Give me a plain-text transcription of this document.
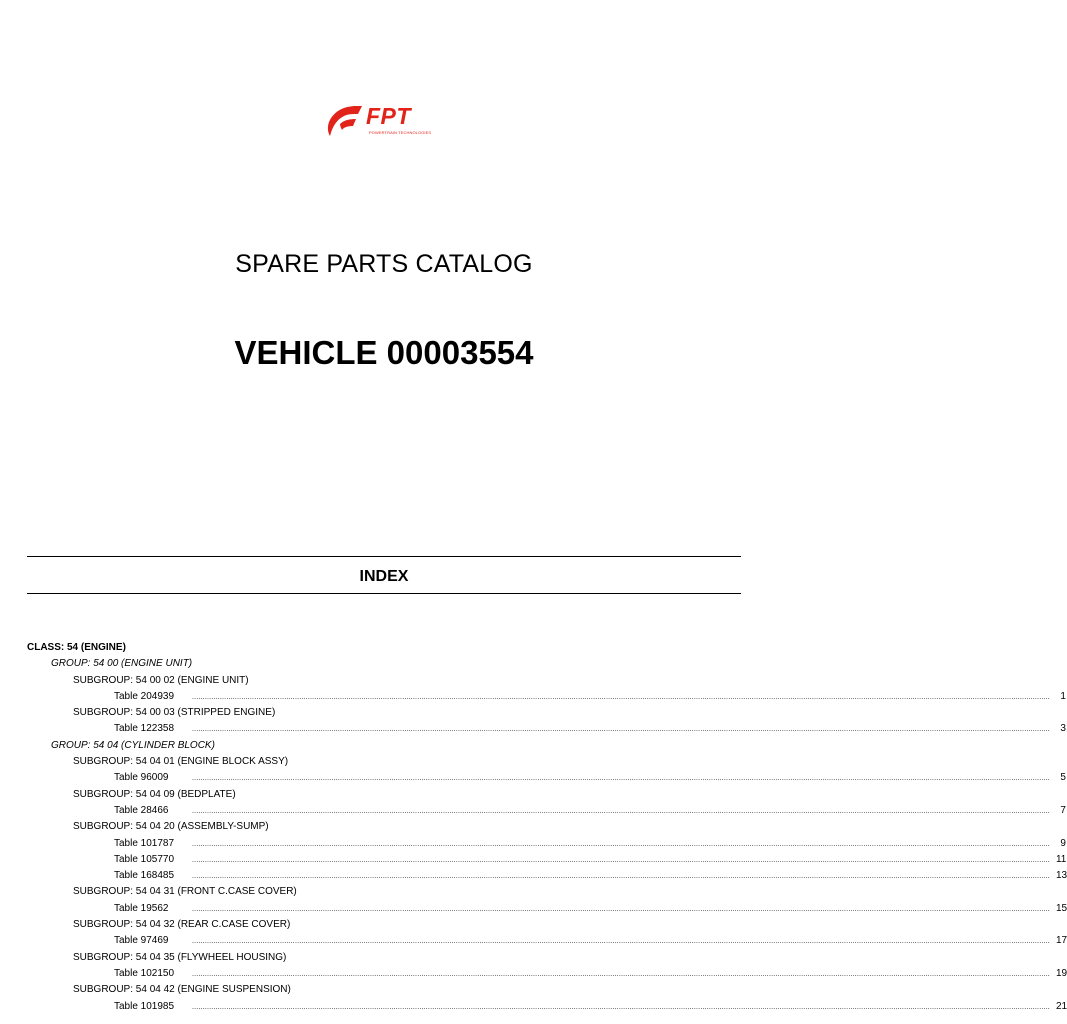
FPT
POWERTRAIN TECHNOLOGIES
SPARE PARTS CATALOG
VEHICLE 00003554
INDEX
CLASS: 54 (ENGINE)
GROUP: 54 00 (ENGINE UNIT)
SUBGROUP: 54 00 02 (ENGINE UNIT)
Table 204939	................................................................................................................................................................................................................................................................................................................................................................................................................	1
SUBGROUP: 54 00 03 (STRIPPED ENGINE)
Table 122358	................................................................................................................................................................................................................................................................................................................................................................................................................	3
GROUP: 54 04 (CYLINDER BLOCK)
SUBGROUP: 54 04 01 (ENGINE BLOCK ASSY)
Table 96009	................................................................................................................................................................................................................................................................................................................................................................................................................	5
SUBGROUP: 54 04 09 (BEDPLATE)
Table 28466	................................................................................................................................................................................................................................................................................................................................................................................................................	7
SUBGROUP: 54 04 20 (ASSEMBLY-SUMP)
Table 101787	................................................................................................................................................................................................................................................................................................................................................................................................................	9
Table 105770	................................................................................................................................................................................................................................................................................................................................................................................................................ 11
Table 168485	................................................................................................................................................................................................................................................................................................................................................................................................................ 13
SUBGROUP: 54 04 31 (FRONT C.CASE COVER)
Table 19562	................................................................................................................................................................................................................................................................................................................................................................................................................ 15
SUBGROUP: 54 04 32 (REAR C.CASE COVER)
Table 97469	................................................................................................................................................................................................................................................................................................................................................................................................................ 17
SUBGROUP: 54 04 35 (FLYWHEEL HOUSING)
Table 102150	................................................................................................................................................................................................................................................................................................................................................................................................................ 19
SUBGROUP: 54 04 42 (ENGINE SUSPENSION)
Table 101985	................................................................................................................................................................................................................................................................................................................................................................................................................ 21
